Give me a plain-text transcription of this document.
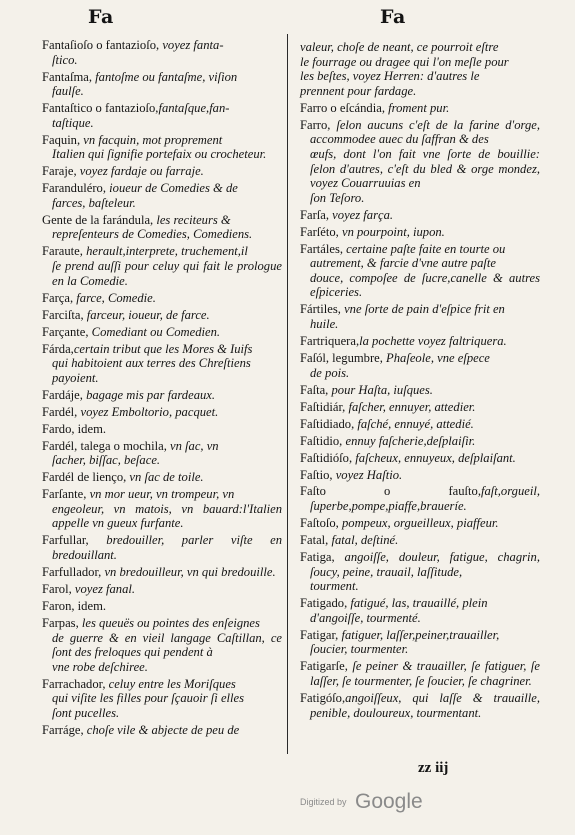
Fa	Fa
Fantaſioſo o fantazioſo, voyez fanta-
ſtico.
Fantaſma, fantoſme ou fantaſme, viſion
faulſe.
Fantaſtico o fantazioſo,fantaſque,fan-
taſtique.
Faquin, vn facquin, mot proprement
Italien qui ſignifie portefaix ou crocheteur.
Faraje, voyez fardaje ou farraje.
Faranduléro, ioueur de Comedies & de
farces, baſteleur.
Gente de la farándula, les reciteurs &
repreſenteurs de Comedies, Comediens.
Faraute, herault,interprete, truchement,il
ſe prend auſſi pour celuy qui fait le prologue en la Comedie.
Farça, farce, Comedie.
Farciſta, farceur, ioueur, de farce.
Farçante, Comediant ou Comedien.
Fárda,certain tribut que les Mores & Iuifs
qui habitoient aux terres des Chreſtiens
payoient.
Fardáje, bagage mis par fardeaux.
Fardél, voyez Emboltorio, pacquet.
Fardo, idem.
Fardél, talega o mochila, vn ſac, vn
ſacher, biſſac, beſace.
Fardél de lienço, vn ſac de toile.
Farſante, vn mor ueur, vn trompeur, vn
engeoleur, vn matois, vn bauard:l'Italien appelle vn gueux furfante.
Farfullar, bredouiller, parler viſte en bredouillant.
Farfullador, vn bredouilleur, vn qui bredouille.
Farol, voyez fanal.
Faron, idem.
Farpas, les queuës ou pointes des enſeignes
de guerre & en vieil langage Caſtillan, ce ſont des freloques qui pendent à
vne robe deſchiree.
Farrachador, celuy entre les Moriſques
qui viſite les filles pour ſçauoir ſi elles
ſont pucelles.
Farráge, choſe vile & abjecte de peu de
valeur, choſe de neant, ce pourroit eſtre
le fourrage ou dragee qui l'on meſle pour
les beſtes, voyez Herren: d'autres le
prennent pour fardage.
Farro o eſcándia, froment pur.
Farro, ſelon aucuns c'eſt de la farine d'orge, accommodee auec du ſaffran & des
œufs, dont l'on fait vne ſorte de bouillie: ſelon d'autres, c'eſt du bled & orge mondez, voyez Couarruuias en
ſon Teſoro.
Farſa, voyez farça.
Farſéto, vn pourpoint, iupon.
Fartáles, certaine paſte faite en tourte ou
autrement, & farcie d'vne autre paſte
douce, compoſee de ſucre,canelle & autres eſpiceries.
Fártiles, vne ſorte de pain d'eſpice frit en
huile.
Fartriquera,la pochette voyez faltriquera.
Faſól, legumbre, Phaſeole, vne eſpece
de pois.
Faſta, pour Haſta, iuſques.
Faſtidiár, faſcher, ennuyer, attedier.
Faſtidiado, faſché, ennuyé, attedié.
Faſtidio, ennuy faſcherie,deſplaiſir.
Faſtidióſo, faſcheux, ennuyeux, deſplaiſant.
Faſtio, voyez Haſtio.
Faſto o fauſto,faſt,orgueil, ſuperbe,pompe,piaffe,braueríe.
Faſtoſo, pompeux, orgueilleux, piaffeur.
Fatal, fatal, deſtiné.
Fatiga, angoiſſe, douleur, fatigue, chagrin, ſoucy, peine, trauail, laſſitude,
tourment.
Fatigado, fatigué, las, trauaillé, plein
d'angoiſſe, tourmenté.
Fatigar, fatiguer, laſſer,peiner,trauailler,
ſoucier, tourmenter.
Fatigarſe, ſe peiner & trauailler, ſe fatiguer, ſe laſſer, ſe tourmenter, ſe ſoucier, ſe chagriner.
Fatigóſo,angoiſſeux, qui laſſe & trauaille, penible, douloureux, tourmentant.
zz iij
Digitized by Google
